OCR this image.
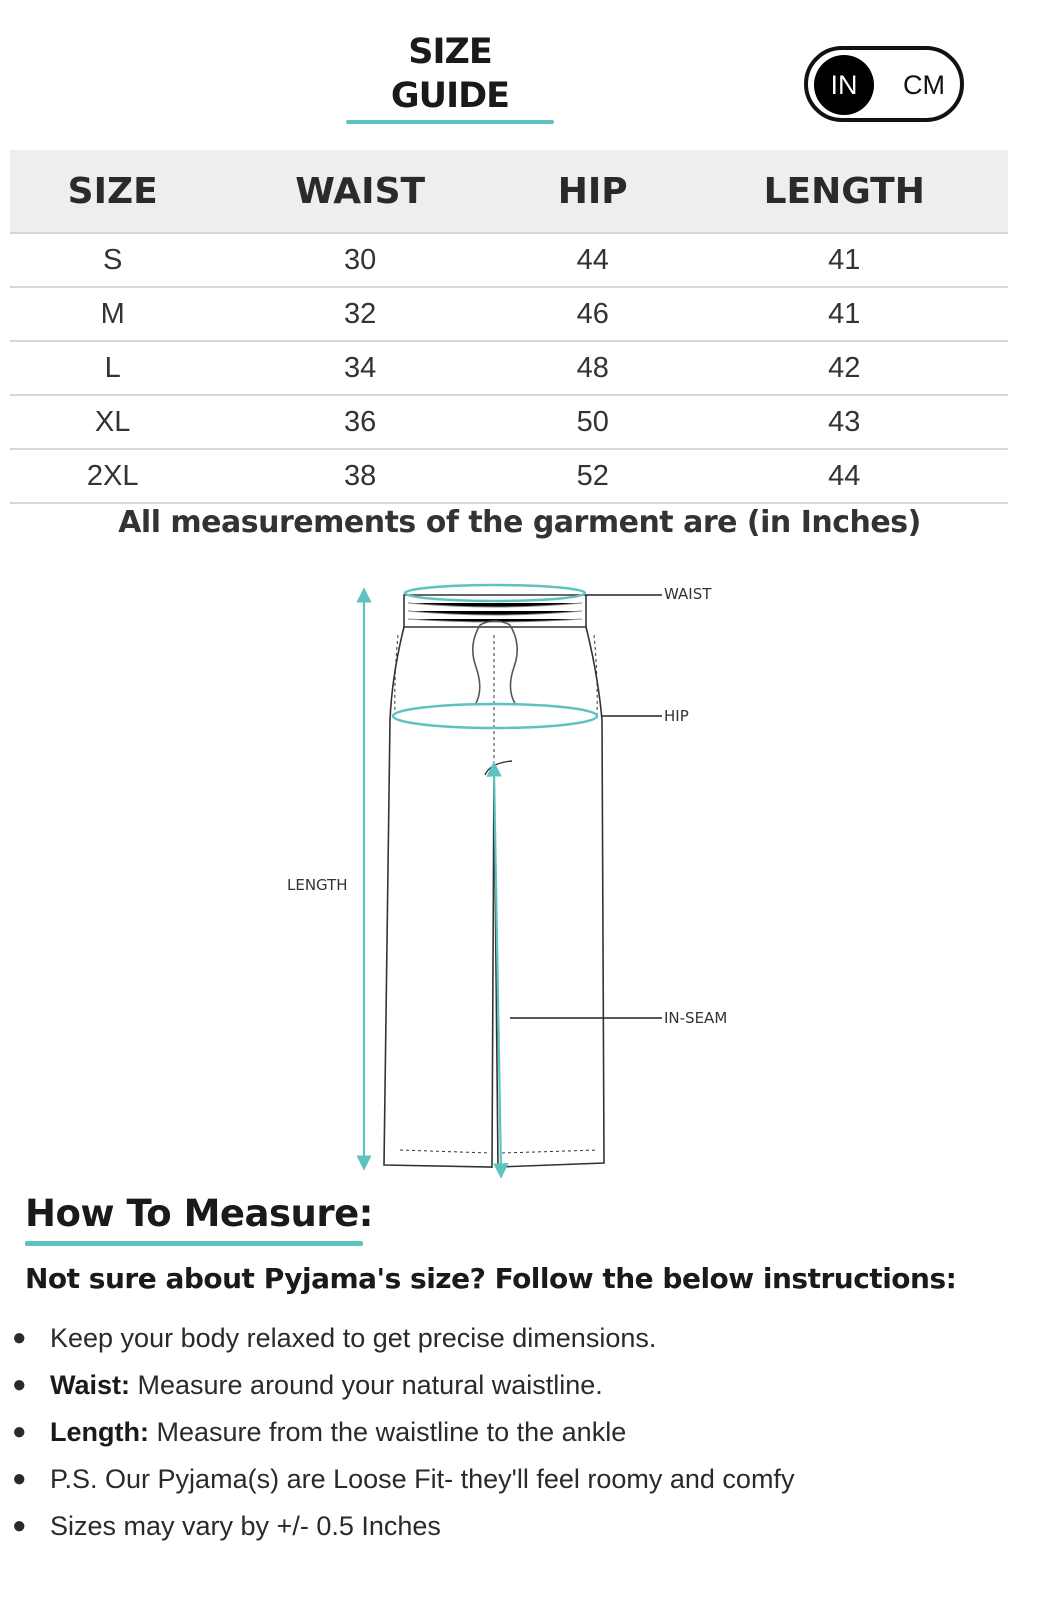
SIZE GUIDE	IN	CM
SIZE	WAIST	HIP	LENGTH
S	30	44	41
M	32	46	41
L	34	48	42
XL	36	50	43
2XL	38	52	44
All measurements of the garment are (in Inches)
WAIST
HIP
LENGTH
IN-SEAM
How To Measure:
Not sure about Pyjama's size? Follow the below instructions:
● Keep your body relaxed to get precise dimensions.
● Waist: Measure around your natural waistline.
● Length: Measure from the waistline to the ankle
● P.S. Our Pyjama(s) are Loose Fit- they'll feel roomy and comfy
● Sizes may vary by +/- 0.5 Inches
